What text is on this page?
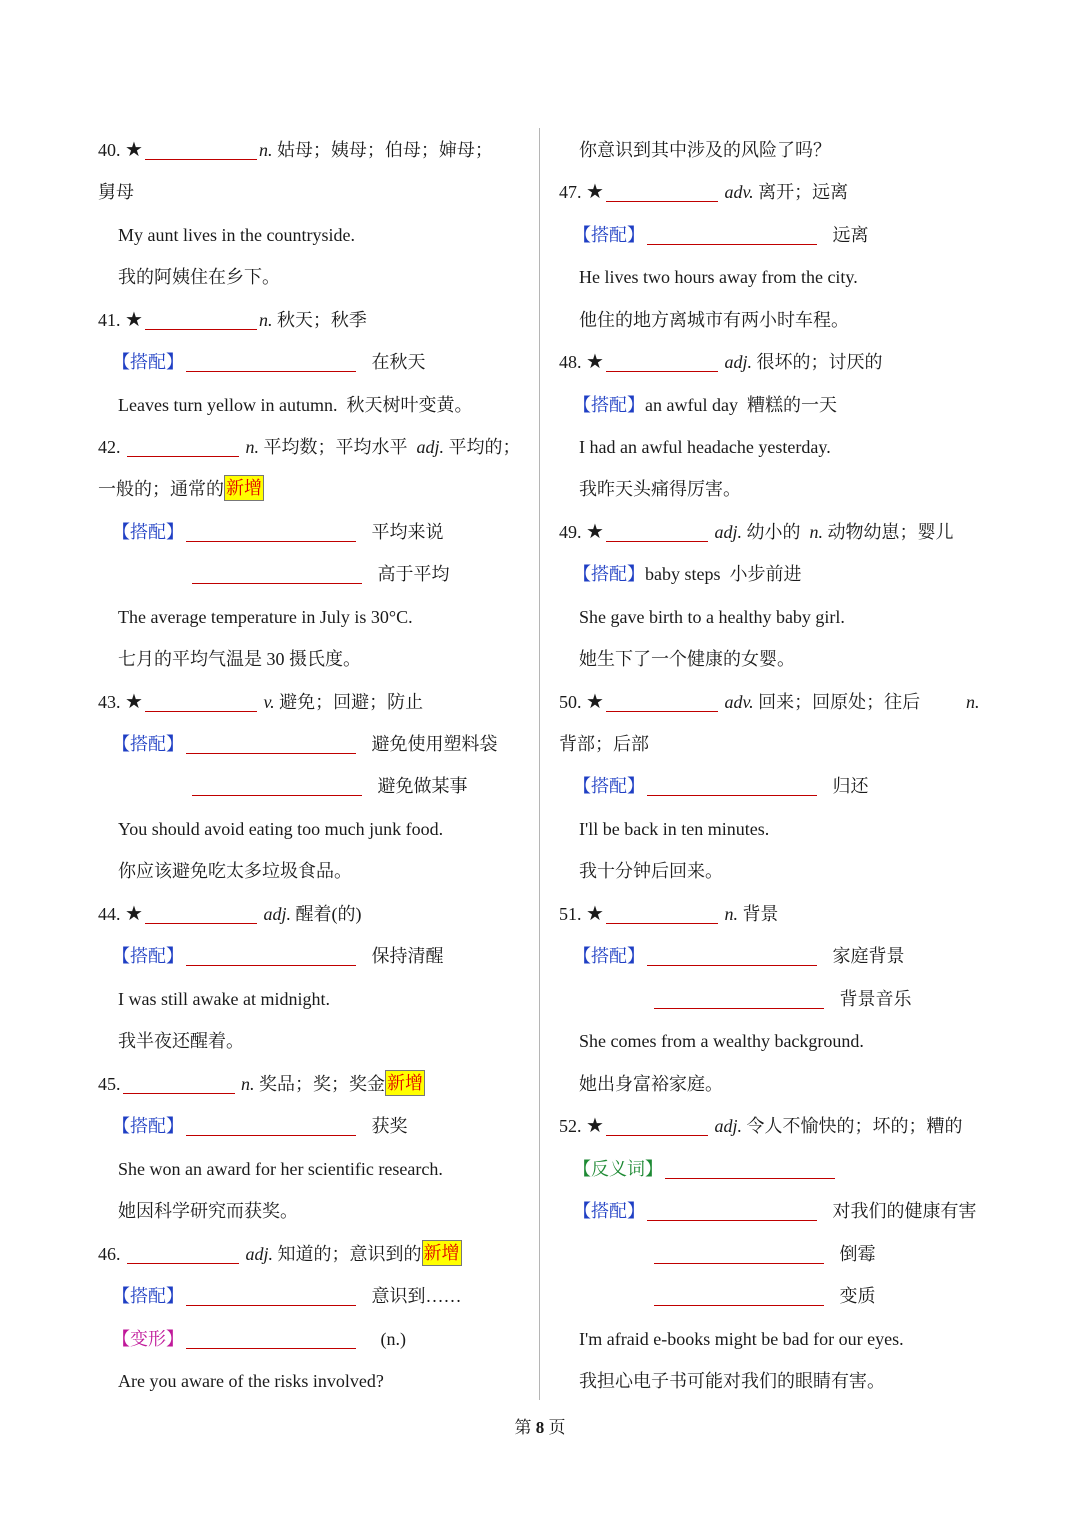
40. ★	n. 姑母；姨母；伯母；婶母；
舅母
My aunt lives in the countryside.
我的阿姨住在乡下。
41. ★	n. 秋天；秋季
【搭配】	在秋天
Leaves turn yellow in autumn. 秋天树叶变黄。
42.	n. 平均数；平均水平 adj. 平均的；
一般的；通常的 新增
【搭配】	平均来说
高于平均
The average temperature in July is 30°C.
七月的平均气温是 30 摄氏度。
43. ★	v. 避免；回避；防止
【搭配】	避免使用塑料袋
避免做某事
You should avoid eating too much junk food.
你应该避免吃太多垃圾食品。
44. ★	adj. 醒着(的)
【搭配】	保持清醒
I was still awake at midnight.
我半夜还醒着。
45.	n. 奖品；奖；奖金 新增
【搭配】	获奖
She won an award for her scientific research.
她因科学研究而获奖。
46.	adj. 知道的；意识到的 新增
【搭配】	意识到……
【变形】	(n.)
Are you aware of the risks involved?
你意识到其中涉及的风险了吗？
47. ★	adv. 离开；远离
【搭配】	远离
He lives two hours away from the city.
他住的地方离城市有两小时车程。
48. ★	adj. 很坏的；讨厌的
【搭配】an awful day 糟糕的一天
I had an awful headache yesterday.
我昨天头痛得厉害。
49. ★	adj. 幼小的 n. 动物幼崽；婴儿
【搭配】baby steps 小步前进
She gave birth to a healthy baby girl.
她生下了一个健康的女婴。
50. ★	adv. 回来；回原处；往后	n.
背部；后部
【搭配】	归还
I'll be back in ten minutes.
我十分钟后回来。
51. ★	n. 背景
【搭配】	家庭背景
背景音乐
She comes from a wealthy background.
她出身富裕家庭。
52. ★	adj. 令人不愉快的；坏的；糟的
【反义词】
【搭配】	对我们的健康有害
倒霉
变质
I'm afraid e-books might be bad for our eyes.
我担心电子书可能对我们的眼睛有害。
第 8 页
